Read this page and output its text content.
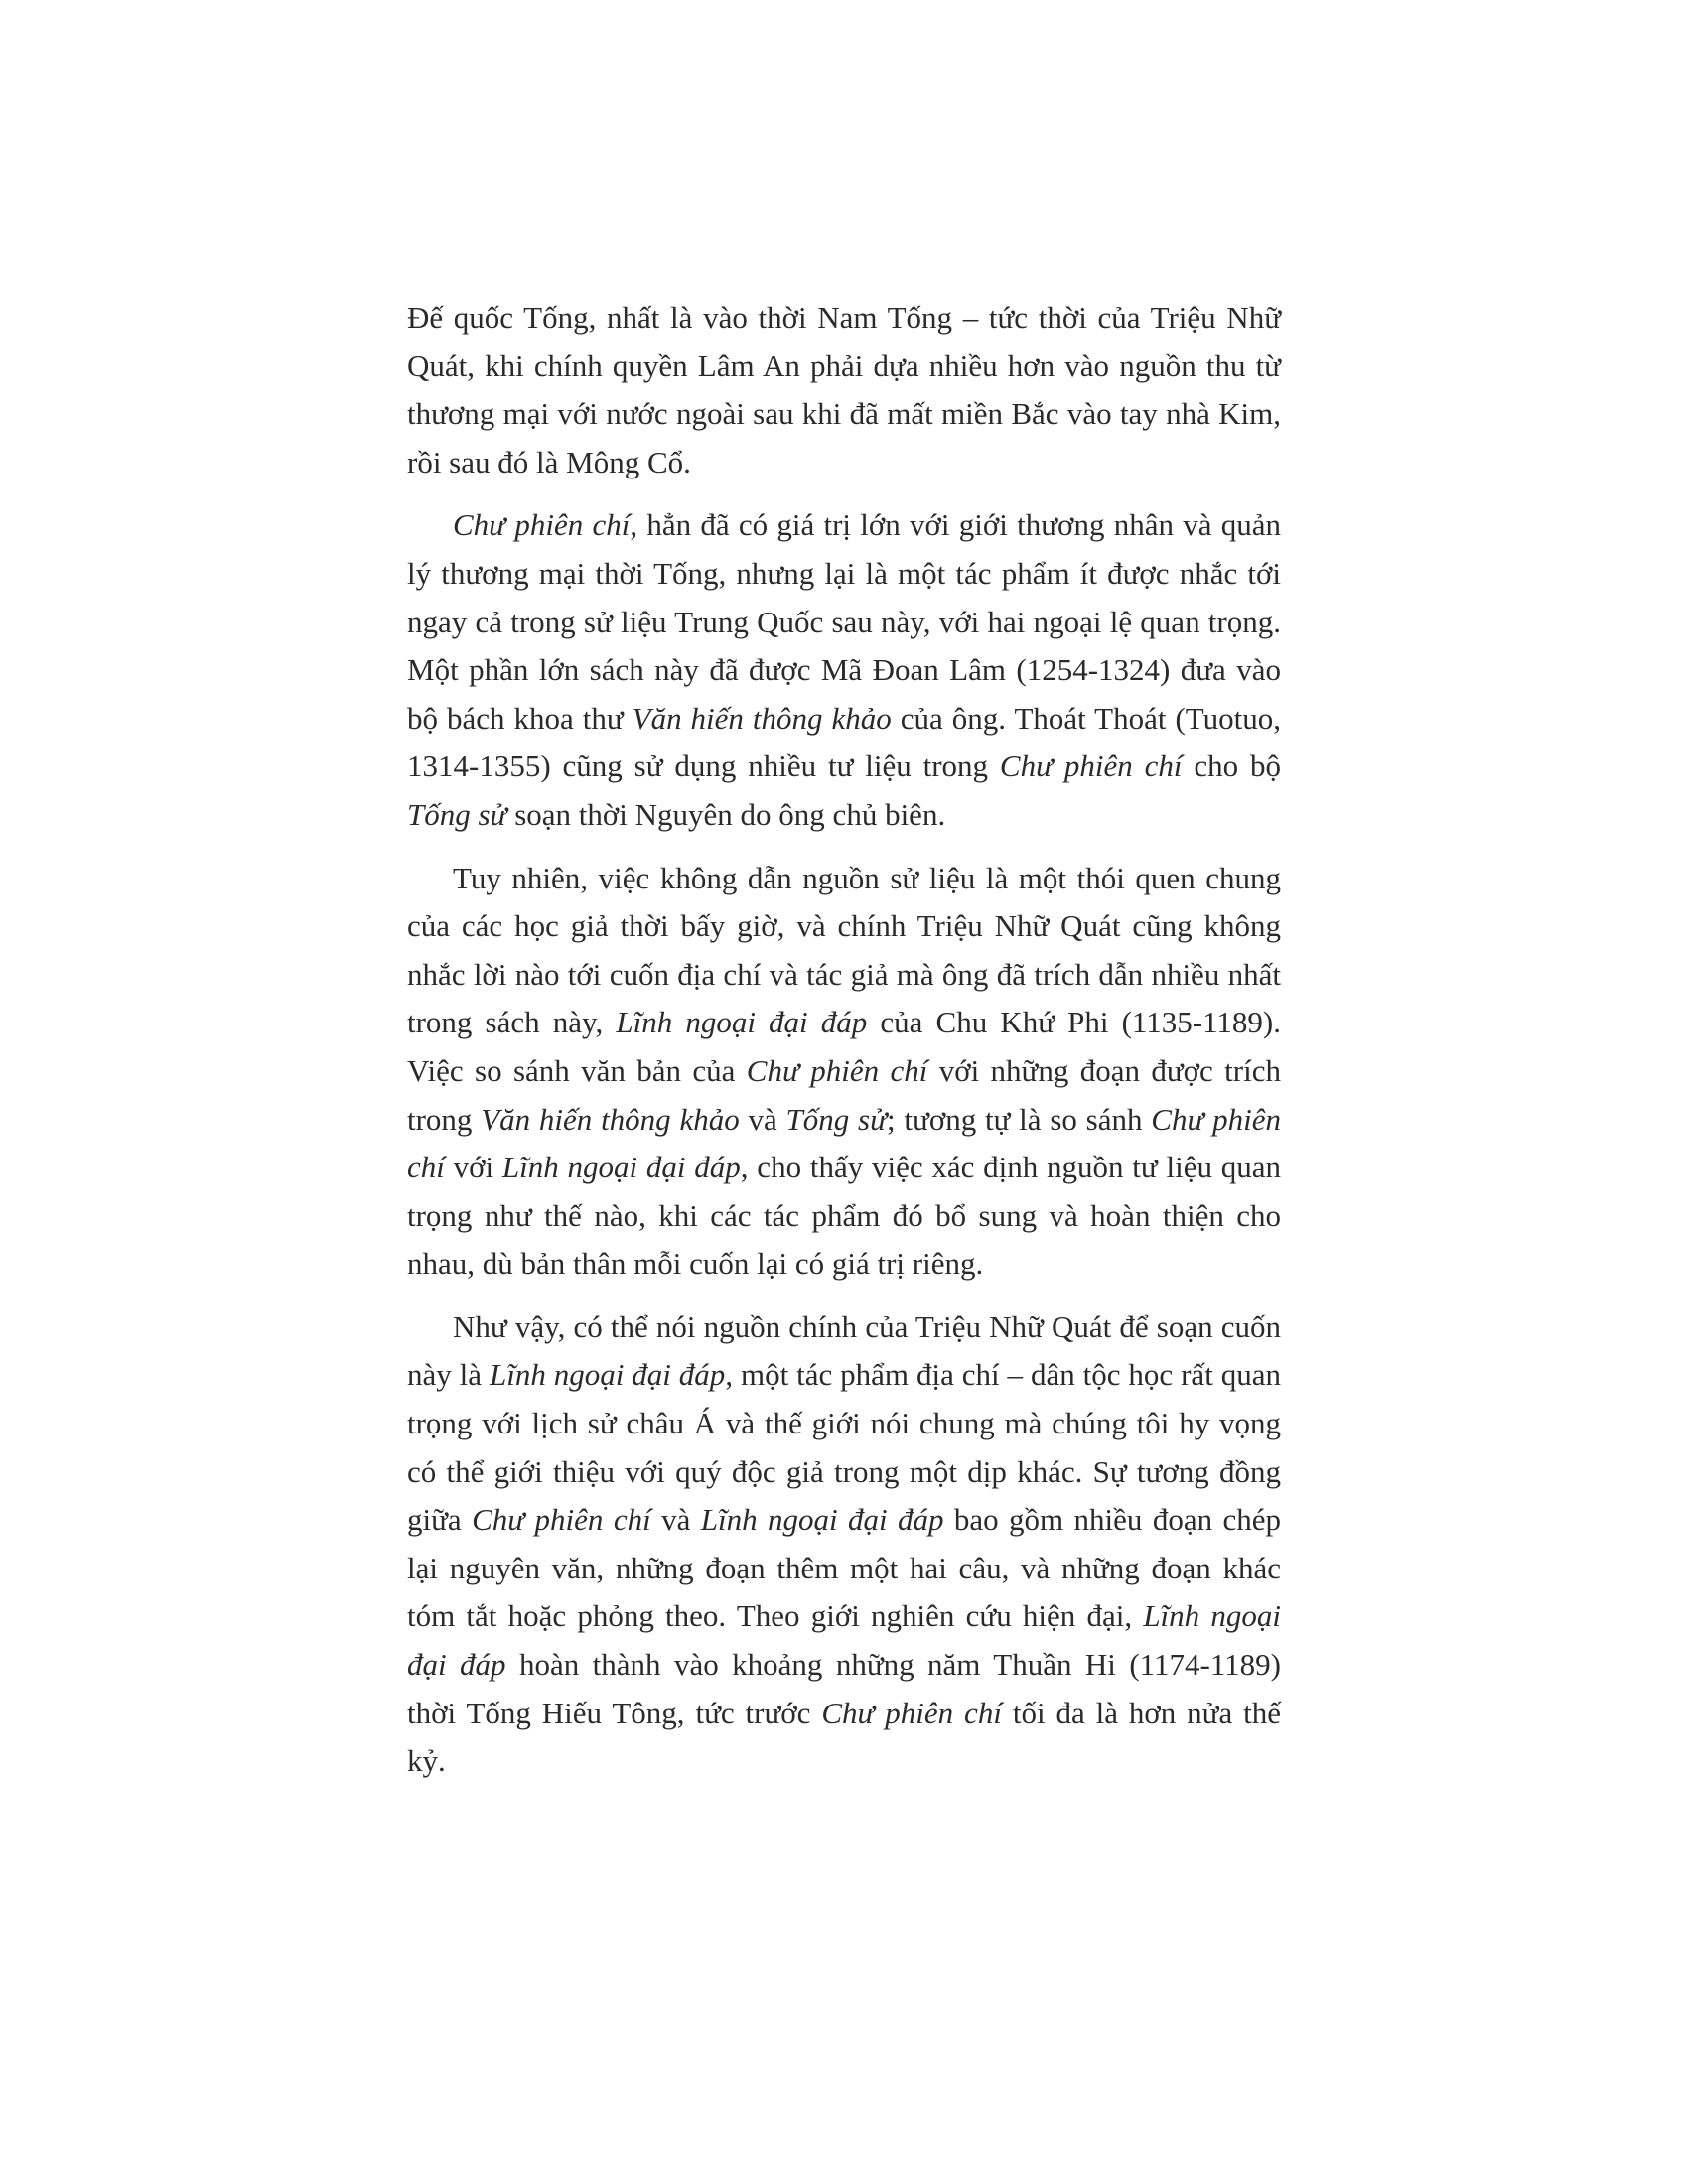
Đế quốc Tống, nhất là vào thời Nam Tống – tức thời của Triệu Nhữ Quát, khi chính quyền Lâm An phải dựa nhiều hơn vào nguồn thu từ thương mại với nước ngoài sau khi đã mất miền Bắc vào tay nhà Kim, rồi sau đó là Mông Cổ.

Chư phiên chí, hẳn đã có giá trị lớn với giới thương nhân và quản lý thương mại thời Tống, nhưng lại là một tác phẩm ít được nhắc tới ngay cả trong sử liệu Trung Quốc sau này, với hai ngoại lệ quan trọng. Một phần lớn sách này đã được Mã Đoan Lâm (1254-1324) đưa vào bộ bách khoa thư Văn hiến thông khảo của ông. Thoát Thoát (Tuotuo, 1314-1355) cũng sử dụng nhiều tư liệu trong Chư phiên chí cho bộ Tống sử soạn thời Nguyên do ông chủ biên.

Tuy nhiên, việc không dẫn nguồn sử liệu là một thói quen chung của các học giả thời bấy giờ, và chính Triệu Nhữ Quát cũng không nhắc lời nào tới cuốn địa chí và tác giả mà ông đã trích dẫn nhiều nhất trong sách này, Lĩnh ngoại đại đáp của Chu Khứ Phi (1135-1189). Việc so sánh văn bản của Chư phiên chí với những đoạn được trích trong Văn hiến thông khảo và Tống sử; tương tự là so sánh Chư phiên chí với Lĩnh ngoại đại đáp, cho thấy việc xác định nguồn tư liệu quan trọng như thế nào, khi các tác phẩm đó bổ sung và hoàn thiện cho nhau, dù bản thân mỗi cuốn lại có giá trị riêng.

Như vậy, có thể nói nguồn chính của Triệu Nhữ Quát để soạn cuốn này là Lĩnh ngoại đại đáp, một tác phẩm địa chí – dân tộc học rất quan trọng với lịch sử châu Á và thế giới nói chung mà chúng tôi hy vọng có thể giới thiệu với quý độc giả trong một dịp khác. Sự tương đồng giữa Chư phiên chí và Lĩnh ngoại đại đáp bao gồm nhiều đoạn chép lại nguyên văn, những đoạn thêm một hai câu, và những đoạn khác tóm tắt hoặc phỏng theo. Theo giới nghiên cứu hiện đại, Lĩnh ngoại đại đáp hoàn thành vào khoảng những năm Thuần Hi (1174-1189) thời Tống Hiếu Tông, tức trước Chư phiên chí tối đa là hơn nửa thế kỷ.
